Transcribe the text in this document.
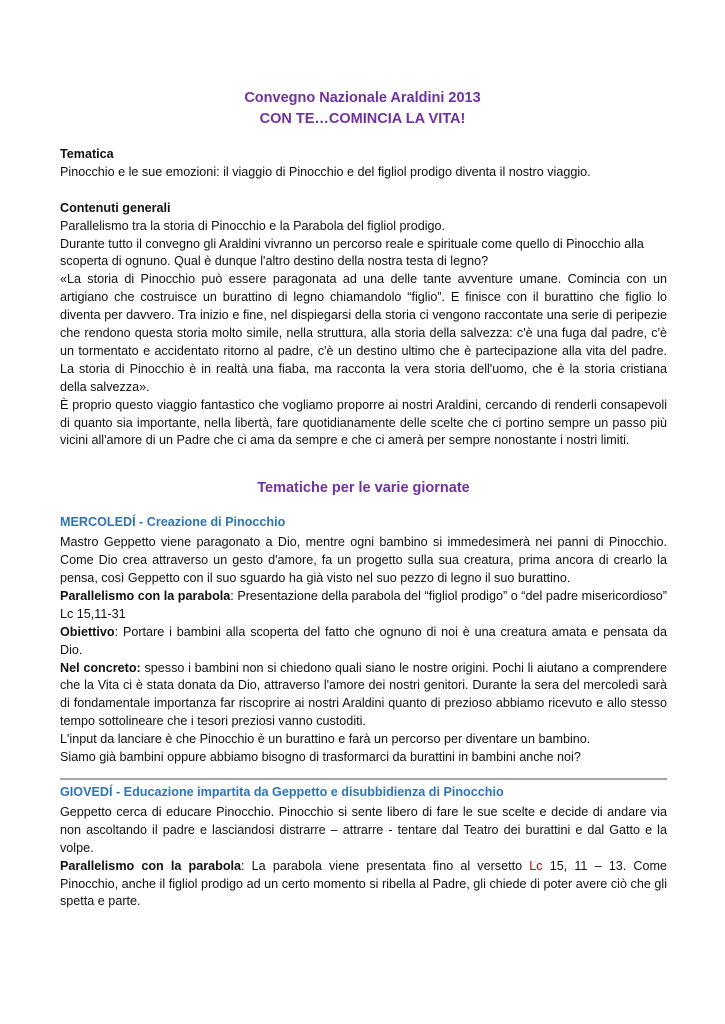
Convegno Nazionale Araldini 2013

CON TE…COMINCIA LA VITA!

Tematica

Pinocchio e le sue emozioni: il viaggio di Pinocchio e del figliol prodigo diventa il nostro viaggio.

Contenuti generali

Parallelismo tra la storia di Pinocchio e la Parabola del figliol prodigo.

Durante tutto il convegno gli Araldini vivranno un percorso reale e spirituale come quello di Pinocchio alla scoperta di ognuno. Qual è dunque l'altro destino della nostra testa di legno?

«La storia di Pinocchio può essere paragonata ad una delle tante avventure umane. Comincia con un artigiano che costruisce un burattino di legno chiamandolo “figlio”. E finisce con il burattino che figlio lo diventa per davvero. Tra inizio e fine, nel dispiegarsi della storia ci vengono raccontate una serie di peripezie che rendono questa storia molto simile, nella struttura, alla storia della salvezza: c'è una fuga dal padre, c'è un tormentato e accidentato ritorno al padre, c'è un destino ultimo che è partecipazione alla vita del padre. La storia di Pinocchio è in realtà una fiaba, ma racconta la vera storia dell'uomo, che è la storia cristiana della salvezza».

È proprio questo viaggio fantastico che vogliamo proporre ai nostri Araldini, cercando di renderli consapevoli di quanto sia importante, nella libertà, fare quotidianamente delle scelte che ci portino sempre un passo più vicini all'amore di un Padre che ci ama da sempre e che ci amerà per sempre nonostante i nostri limiti.

Tematiche per le varie giornate

MERCOLEDÍ - Creazione di Pinocchio

Mastro Geppetto viene paragonato a Dio, mentre ogni bambino si immedesimerà nei panni di Pinocchio. Come Dio crea attraverso un gesto d'amore, fa un progetto sulla sua creatura, prima ancora di crearlo la pensa, così Geppetto con il suo sguardo ha già visto nel suo pezzo di legno il suo burattino.

Parallelismo con la parabola: Presentazione della parabola del “figliol prodigo” o “del padre misericordioso” Lc 15,11-31

Obiettivo: Portare i bambini alla scoperta del fatto che ognuno di noi è una creatura amata e pensata da Dio.

Nel concreto: spesso i bambini non si chiedono quali siano le nostre origini. Pochi li aiutano a comprendere che la Vita ci è stata donata da Dio, attraverso l'amore dei nostri genitori. Durante la sera del mercoledì sarà di fondamentale importanza far riscoprire ai nostri Araldini quanto di prezioso abbiamo ricevuto e allo stesso tempo sottolineare che i tesori preziosi vanno custoditi.

L'input da lanciare è che Pinocchio è un burattino e farà un percorso per diventare un bambino.

Siamo già bambini oppure abbiamo bisogno di trasformarci da burattini in bambini anche noi?

GIOVEDÍ - Educazione impartita da Geppetto e disubbidienza di Pinocchio

Geppetto cerca di educare Pinocchio. Pinocchio si sente libero di fare le sue scelte e decide di andare via non ascoltando il padre e lasciandosi distrarre – attrarre - tentare dal Teatro dei burattini e dal Gatto e la volpe.

Parallelismo con la parabola: La parabola viene presentata fino al versetto Lc 15, 11 – 13. Come Pinocchio, anche il figliol prodigo ad un certo momento si ribella al Padre, gli chiede di poter avere ciò che gli spetta e parte.
